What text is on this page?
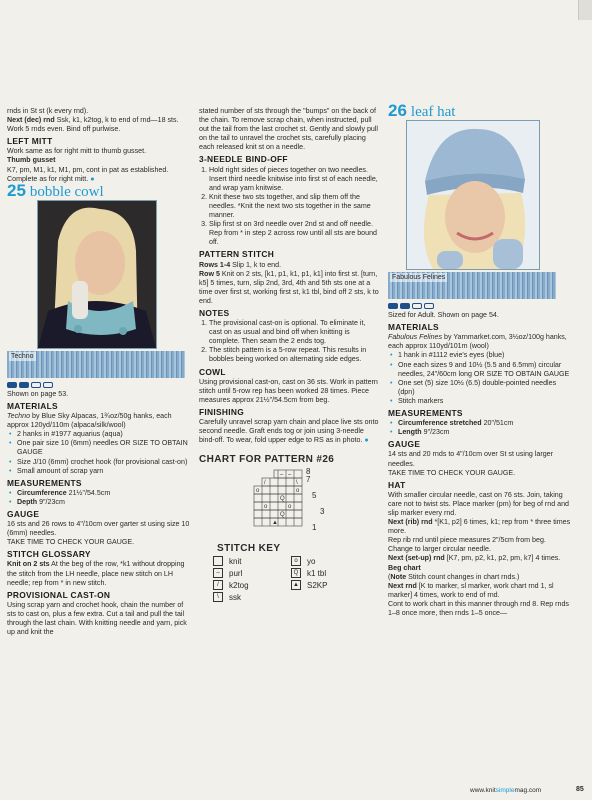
rnds in St st (k every rnd).

Next (dec) rnd Ssk, k1, k2tog, k to end of rnd—18 sts. Work 5 rnds even. Bind off purlwise.

LEFT MITT

Work same as for right mitt to thumb gusset.

Thumb gusset

K7, pm, M1, k1, M1, pm, cont in pat as established. Complete as for right mitt. ●

25 bobble cowl
Techno

Shown on page 53.

MATERIALS

Techno by Blue Sky Alpacas, 1¾oz/50g hanks, each approx 120yd/110m (alpaca/silk/wool)

• 2 hanks in #1977 aquarius (aqua)
• One pair size 10 (6mm) needles OR SIZE TO OBTAIN GAUGE
• Size J/10 (6mm) crochet hook (for provisional cast-on)
• Small amount of scrap yarn
MEASUREMENTS
• Circumference 21½"/54.5cm
• Depth 9"/23cm
GAUGE

16 sts and 26 rows to 4"/10cm over garter st using size 10 (6mm) needles.

TAKE TIME TO CHECK YOUR GAUGE.

STITCH GLOSSARY

Knit on 2 sts At the beg of the row, *k1 without dropping the stitch from the LH needle, place new stitch on LH needle; rep from * in new stitch.

PROVISIONAL CAST-ON

Using scrap yarn and crochet hook, chain the number of sts to cast on, plus a few extra. Cut a tail and pull the tail through the last chain. With knitting needle and yarn, pick up and knit the

stated number of sts through the "bumps" on the back of the chain. To remove scrap chain, when instructed, pull out the tail from the last crochet st. Gently and slowly pull on the tail to unravel the crochet sts, carefully placing each released knit st on a needle.

3-NEEDLE BIND-OFF
1. Hold right sides of pieces together on two needles. Insert third needle knitwise into first st of each needle, and wrap yarn knitwise.
2. Knit these two sts together, and slip them off the needles. *Knit the next two sts together in the same manner.
3. Slip first st on 3rd needle over 2nd st and off needle. Rep from * in step 2 across row until all sts are bound off.
PATTERN STITCH

Rows 1-4 Slip 1, k to end.

Row 5 Knit on 2 sts, [k1, p1, k1, p1, k1] into first st. [turn, k5] 5 times, turn, slip 2nd, 3rd, 4th and 5th sts one at a time over first st, working first st, k1 tbl, bind off 2 sts, k to end.

NOTES
1. The provisional cast-on is optional. To eliminate it, cast on as usual and bind off when knitting is complete. Then seam the 2 ends tog.
2. The stitch pattern is a 5-row repeat. This results in bobbles being worked on alternating side edges.
COWL

Using provisional cast-on, cast on 36 sts. Work in pattern stitch until 5-row rep has been worked 28 times. Piece measures approx 21½"/54.5cm from beg.

FINISHING

Carefully unravel scrap yarn chain and place live sts onto second needle. Graft ends tog or join using 3-needle bind-off. To wear, fold upper edge to RS as in photo. ●

CHART FOR PATTERN #26
– –
/	\
o	o
Q
Q
o	o
▲
8
7
5
3
1
STITCH KEY
knit	o	yo
–	purl	Q	k1 tbl
/	k2tog	▲ S2KP
\	ssk
26 leaf hat
Fabulous Felines

Sized for Adult. Shown on page 54.

MATERIALS

Fabulous Felines by Yarnmarket.com, 3½oz/100g hanks, each approx 110yd/101m (wool)

• 1 hank in #1112 evie's eyes (blue)
• One each sizes 9 and 10½ (5.5 and 6.5mm) circular needles, 24"/60cm long OR SIZE TO OBTAIN GAUGE
• One set (5) size 10½ (6.5) double-pointed needles (dpn)
• Stitch markers
MEASUREMENTS
• Circumference stretched 20"/51cm
• Length 9"/23cm
GAUGE

14 sts and 20 rnds to 4"/10cm over St st using larger needles.

TAKE TIME TO CHECK YOUR GAUGE.

HAT

With smaller circular needle, cast on 76 sts. Join, taking care not to twist sts. Place marker (pm) for beg of rnd and slip marker every rnd.

Next (rib) rnd *[K1, p2] 6 times, k1; rep from * three times more.

Rep rib rnd until piece measures 2"/5cm from beg.

Change to larger circular needle.

Next (set-up) rnd [K7, pm, p2, k1, p2, pm, k7] 4 times.

Beg chart

(Note Stitch count changes in chart rnds.)

Next rnd [K to marker, sl marker, work chart rnd 1, sl marker] 4 times, work to end of rnd.

Cont to work chart in this manner through rnd 8. Rep rnds 1–8 once more, then rnds 1–5 once—

www.knitsimplemag.com	85
